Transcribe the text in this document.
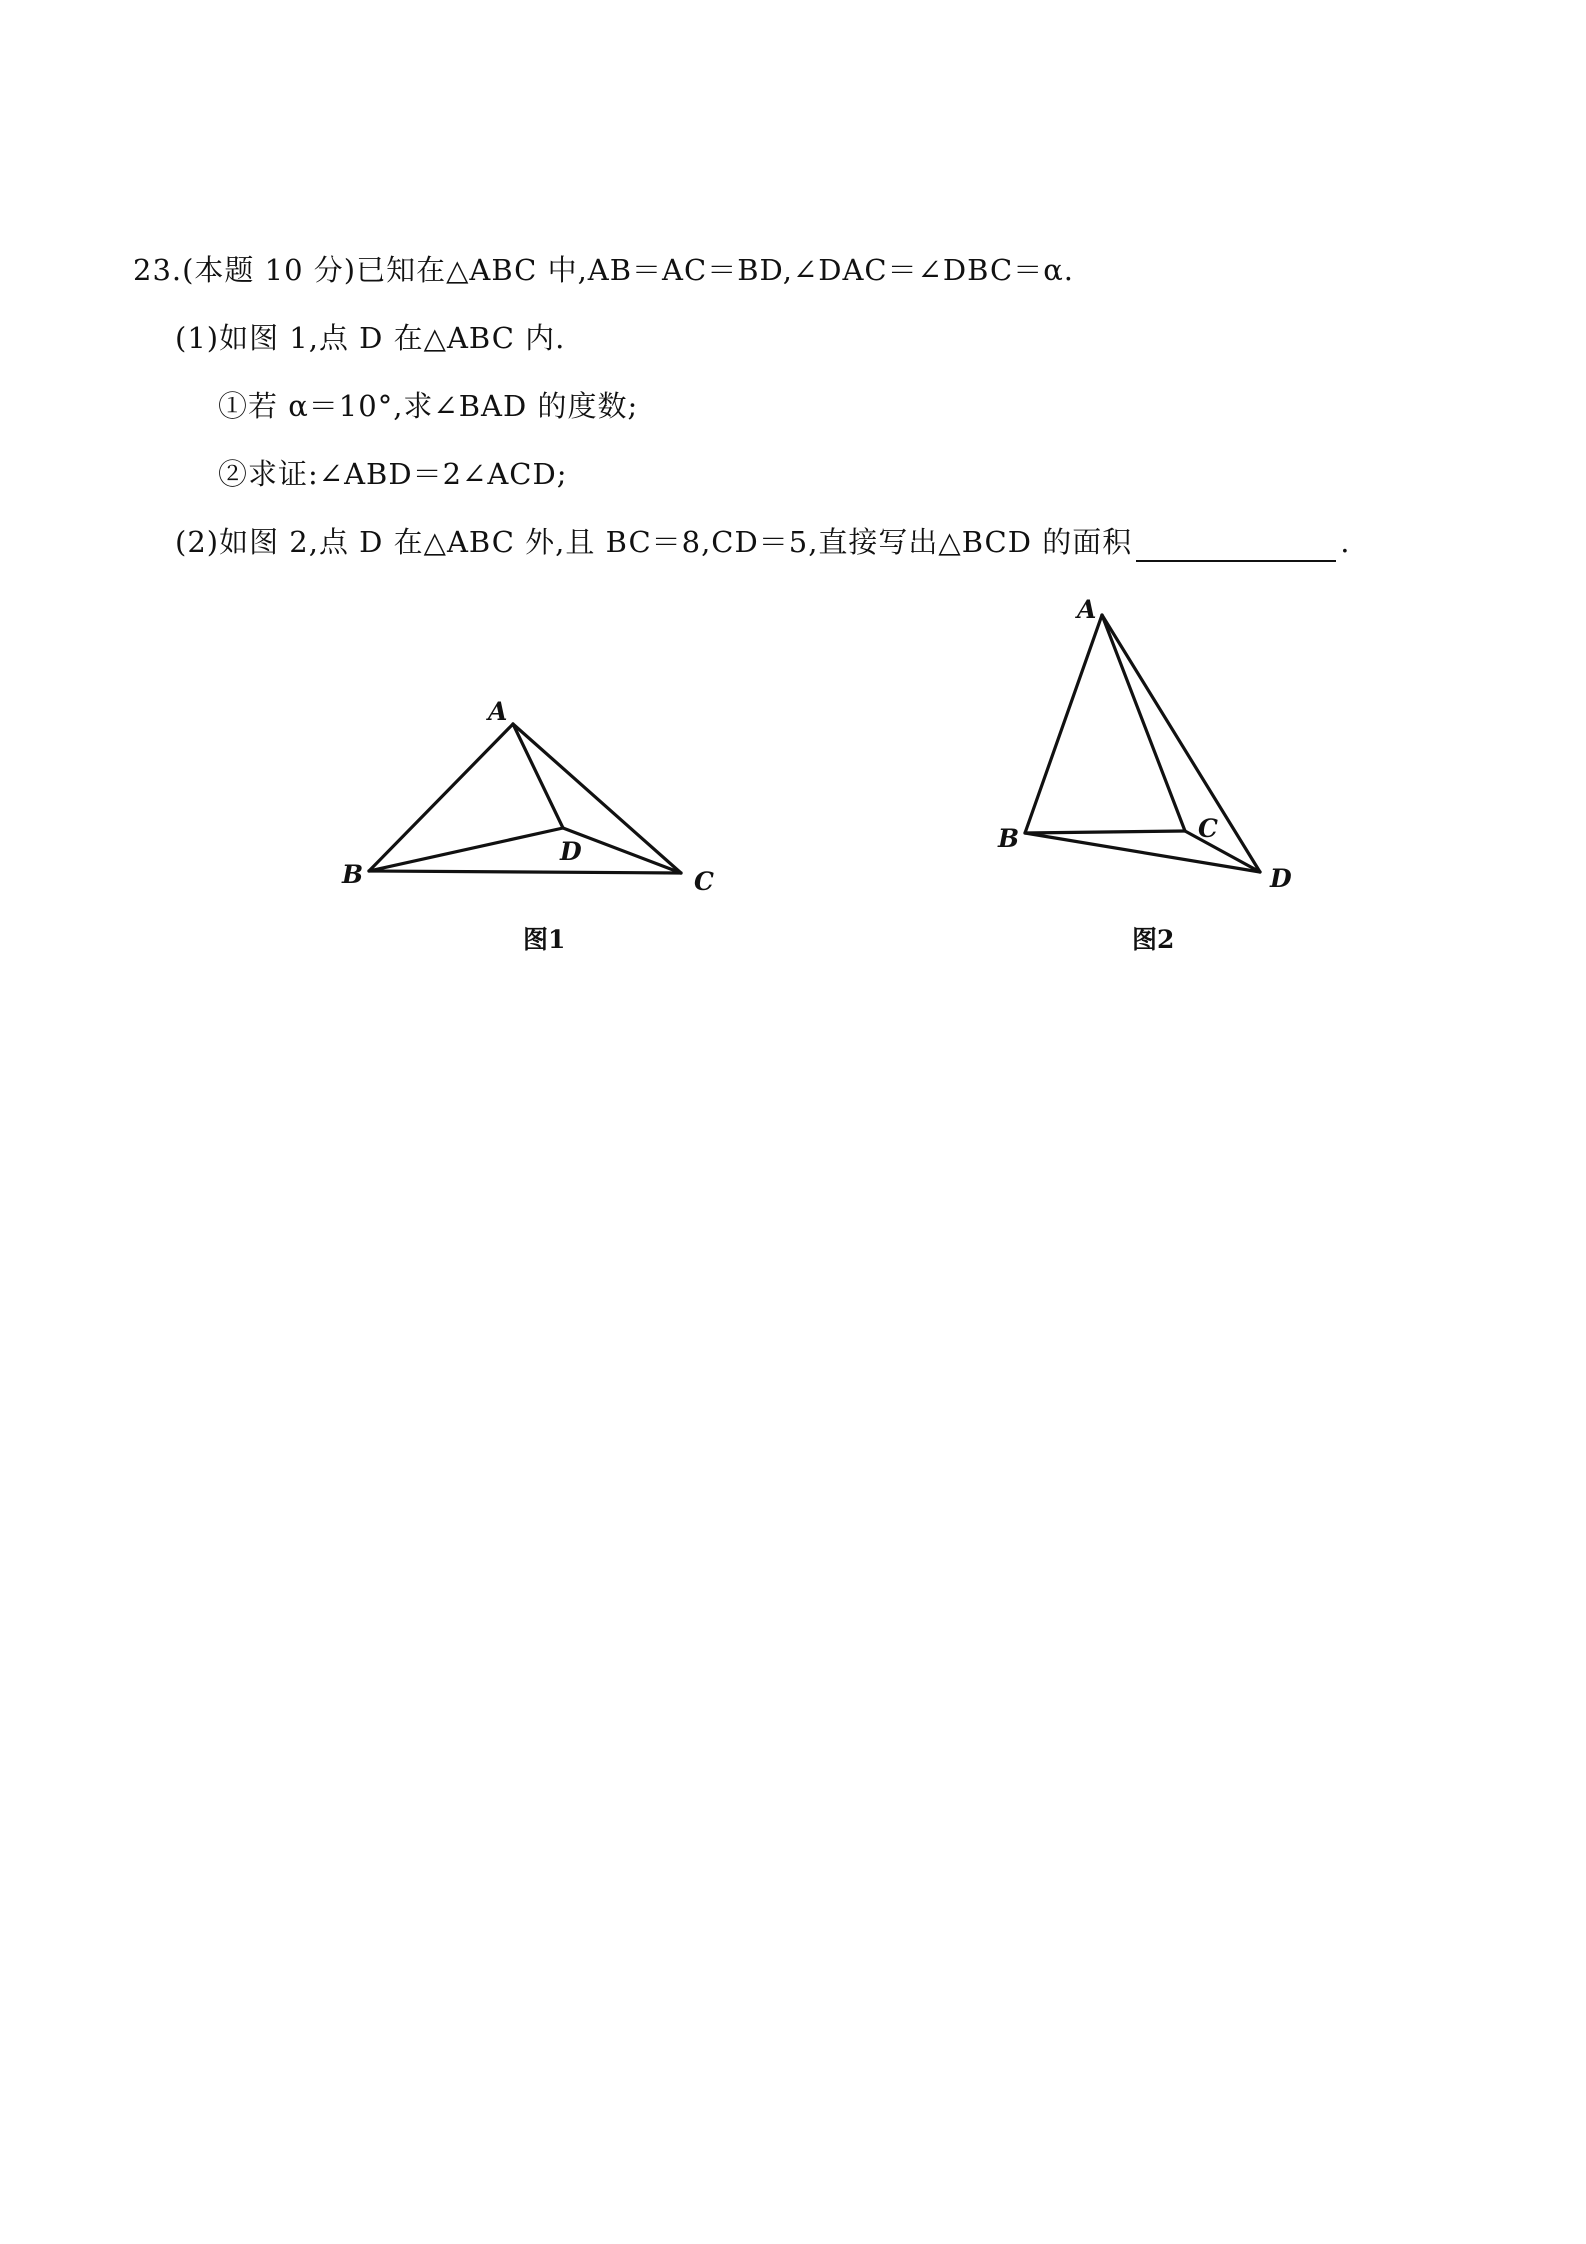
23.(本题 10 分)已知在△ABC 中,AB＝AC＝BD,∠DAC＝∠DBC＝α.
(1)如图 1,点 D 在△ABC 内.
①若 α＝10°,求∠BAD 的度数;
②求证:∠ABD＝2∠ACD;
(2)如图 2,点 D 在△ABC 外,且 BC＝8,CD＝5,直接写出△BCD 的面积	.
A
B	C
D
A
B	C
D
图1	图2
